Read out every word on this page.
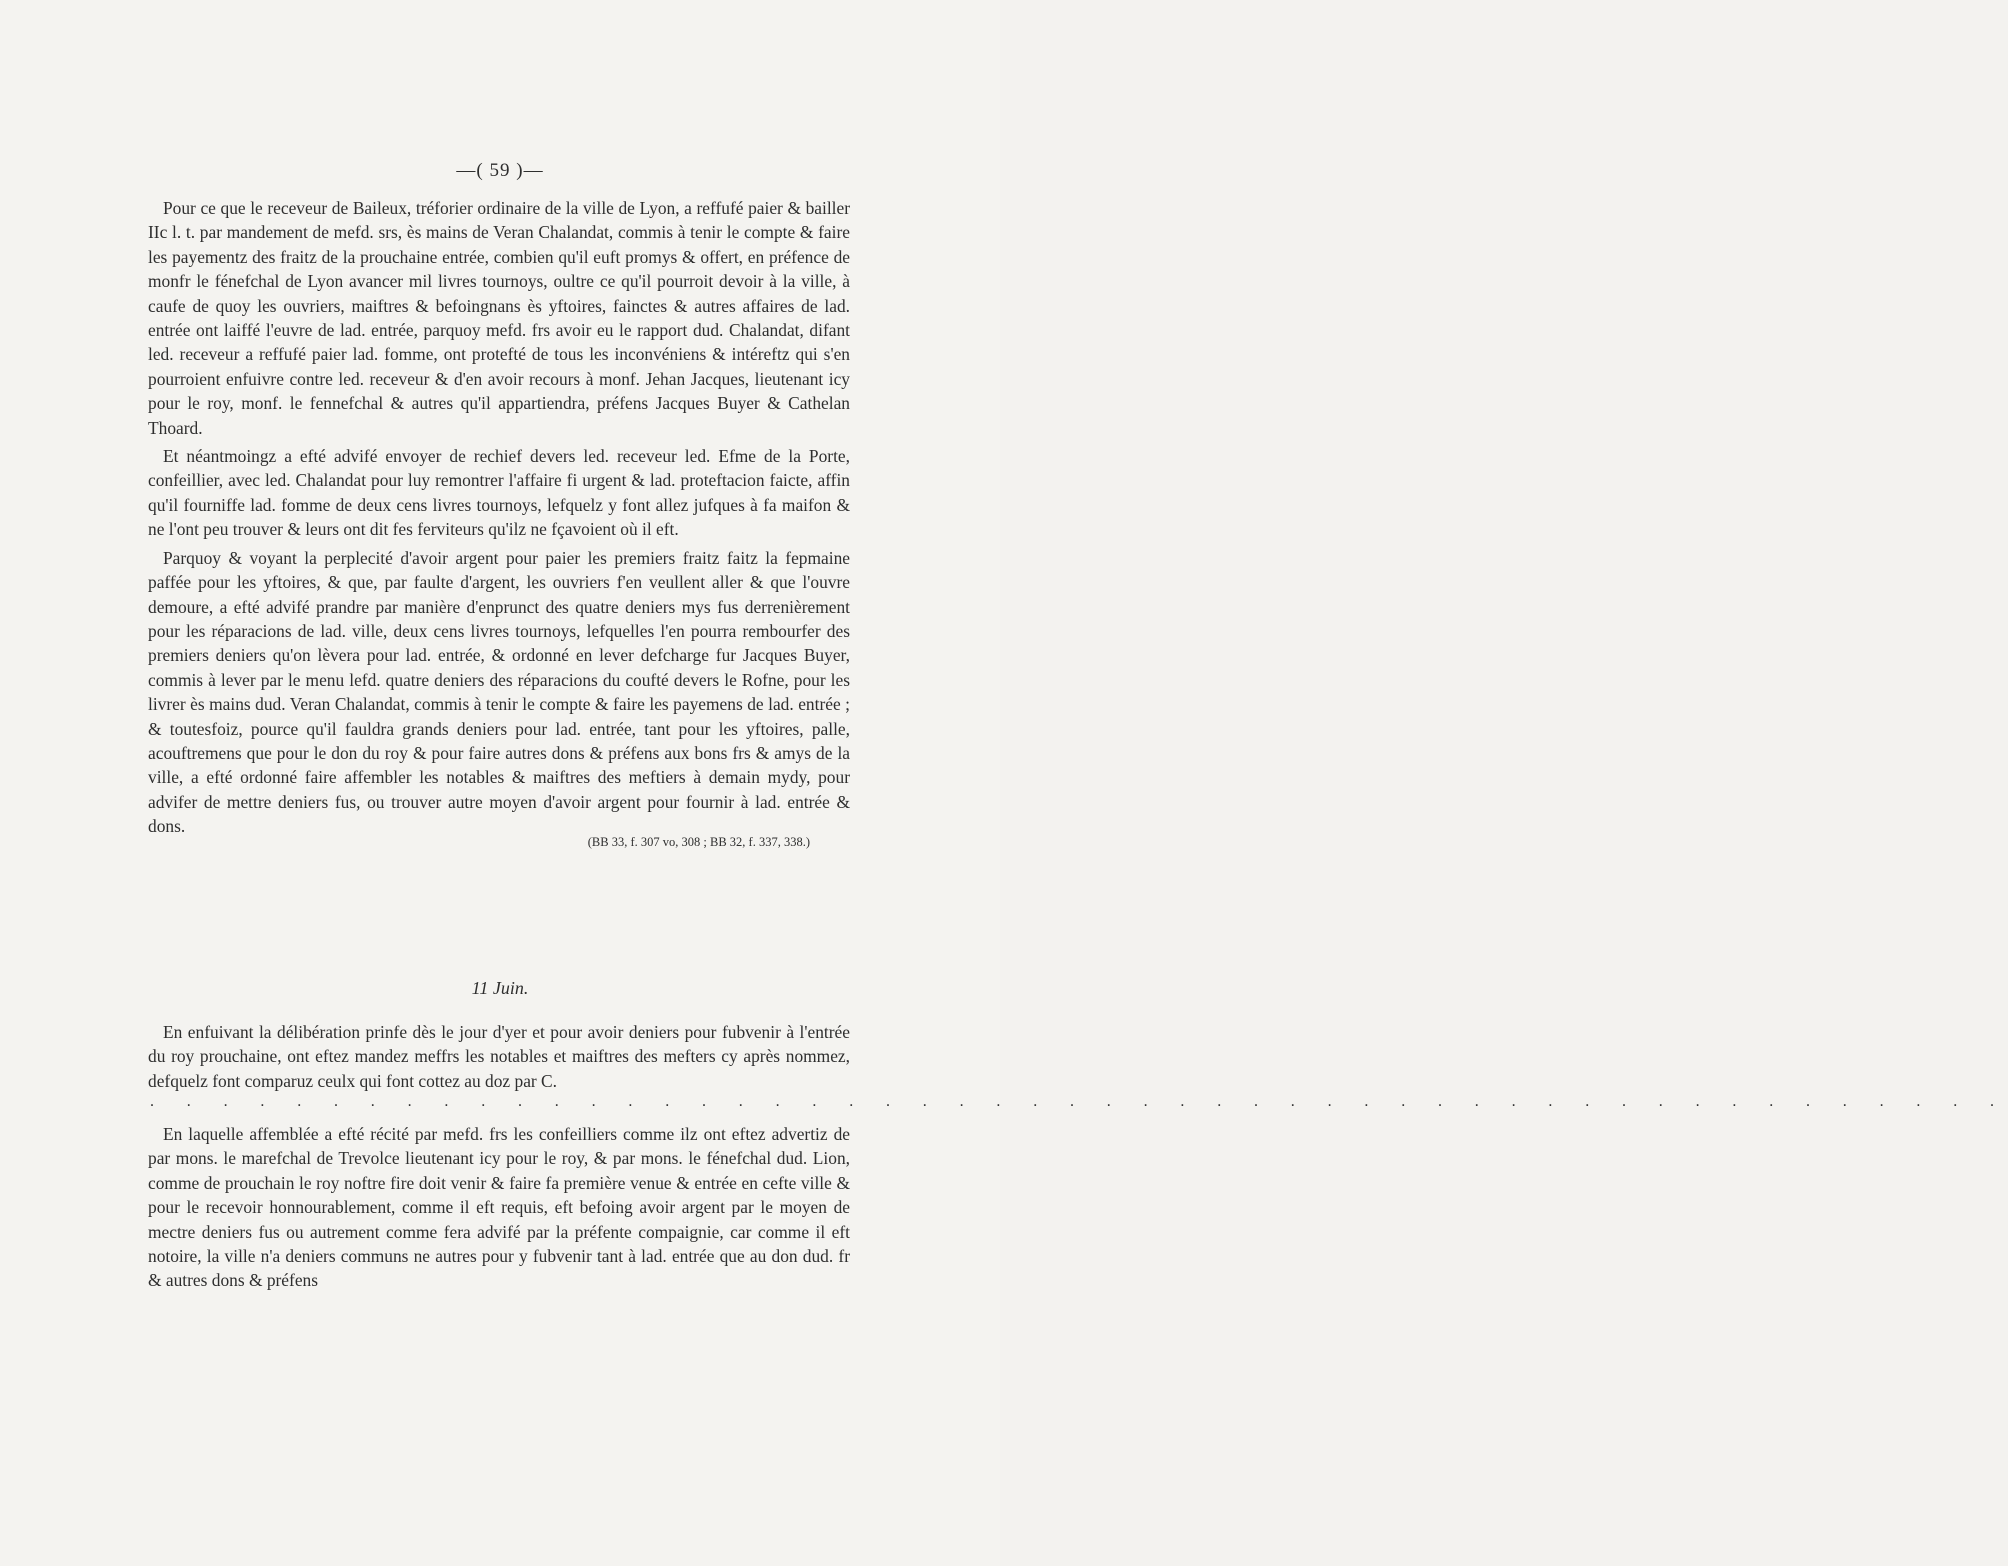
—( 59 )—

Pour ce que le receveur de Baileux, tréforier ordinaire de la ville de Lyon, a reffufé paier & bailler IIc l. t. par mandement de mefd. srs, ès mains de Veran Chalandat, commis à tenir le compte & faire les payementz des fraitz de la prouchaine entrée, combien qu'il euft promys & offert, en préfence de monfr le fénefchal de Lyon avancer mil livres tournoys, oultre ce qu'il pourroit devoir à la ville, à caufe de quoy les ouvriers, maiftres & befoingnans ès yftoires, fainctes & autres affaires de lad. entrée ont laiffé l'euvre de lad. entrée, parquoy mefd. frs avoir eu le rapport dud. Chalandat, difant led. receveur a reffufé paier lad. fomme, ont protefté de tous les inconvéniens & intéreftz qui s'en pourroient enfuivre contre led. receveur & d'en avoir recours à monf. Jehan Jacques, lieutenant icy pour le roy, monf. le fennefchal & autres qu'il appartiendra, préfens Jacques Buyer & Cathelan Thoard.

Et néantmoingz a efté advifé envoyer de rechief devers led. receveur led. Efme de la Porte, confeillier, avec led. Chalandat pour luy remontrer l'affaire fi urgent & lad. proteftacion faicte, affin qu'il fourniffe lad. fomme de deux cens livres tournoys, lefquelz y font allez jufques à fa maifon & ne l'ont peu trouver & leurs ont dit fes ferviteurs qu'ilz ne fçavoient où il eft.

Parquoy & voyant la perplecité d'avoir argent pour paier les premiers fraitz faitz la fepmaine paffée pour les yftoires, & que, par faulte d'argent, les ouvriers f'en veullent aller & que l'ouvre demoure, a efté advifé prandre par manière d'enprunct des quatre deniers mys fus derrenièrement pour les réparacions de lad. ville, deux cens livres tournoys, lefquelles l'en pourra rembourfer des premiers deniers qu'on lèvera pour lad. entrée, & ordonné en lever defcharge fur Jacques Buyer, commis à lever par le menu lefd. quatre deniers des réparacions du coufté devers le Rofne, pour les livrer ès mains dud. Veran Chalandat, commis à tenir le compte & faire les payemens de lad. entrée ; & toutesfoiz, pource qu'il fauldra grands deniers pour lad. entrée, tant pour les yftoires, palle, acouftremens que pour le don du roy & pour faire autres dons & préfens aux bons frs & amys de la ville, a efté ordonné faire affembler les notables & maiftres des meftiers à demain mydy, pour advifer de mettre deniers fus, ou trouver autre moyen d'avoir argent pour fournir à lad. entrée & dons.

(BB 33, f. 307 vo, 308 ; BB 32, f. 337, 338.)
11 Juin.

En enfuivant la délibération prinfe dès le jour d'yer et pour avoir deniers pour fubvenir à l'entrée du roy prouchaine, ont eftez mandez meffrs les notables et maiftres des mefters cy après nommez, defquelz font comparuz ceulx qui font cottez au doz par C.

. . . . . . . . . . . . . . . . . . . . . . . . . . . . . . . . . . . . . . . . . . . . . . . . . . .

En laquelle affemblée a efté récité par mefd. frs les confeilliers comme ilz ont eftez advertiz de par mons. le marefchal de Trevolce lieutenant icy pour le roy, & par mons. le fénefchal dud. Lion, comme de prouchain le roy noftre fire doit venir & faire fa première venue & entrée en cefte ville & pour le recevoir honnourablement, comme il eft requis, eft befoing avoir argent par le moyen de mectre deniers fus ou autrement comme fera advifé par la préfente compaignie, car comme il eft notoire, la ville n'a deniers communs ne autres pour y fubvenir tant à lad. entrée que au don dud. fr & autres dons & préfens
